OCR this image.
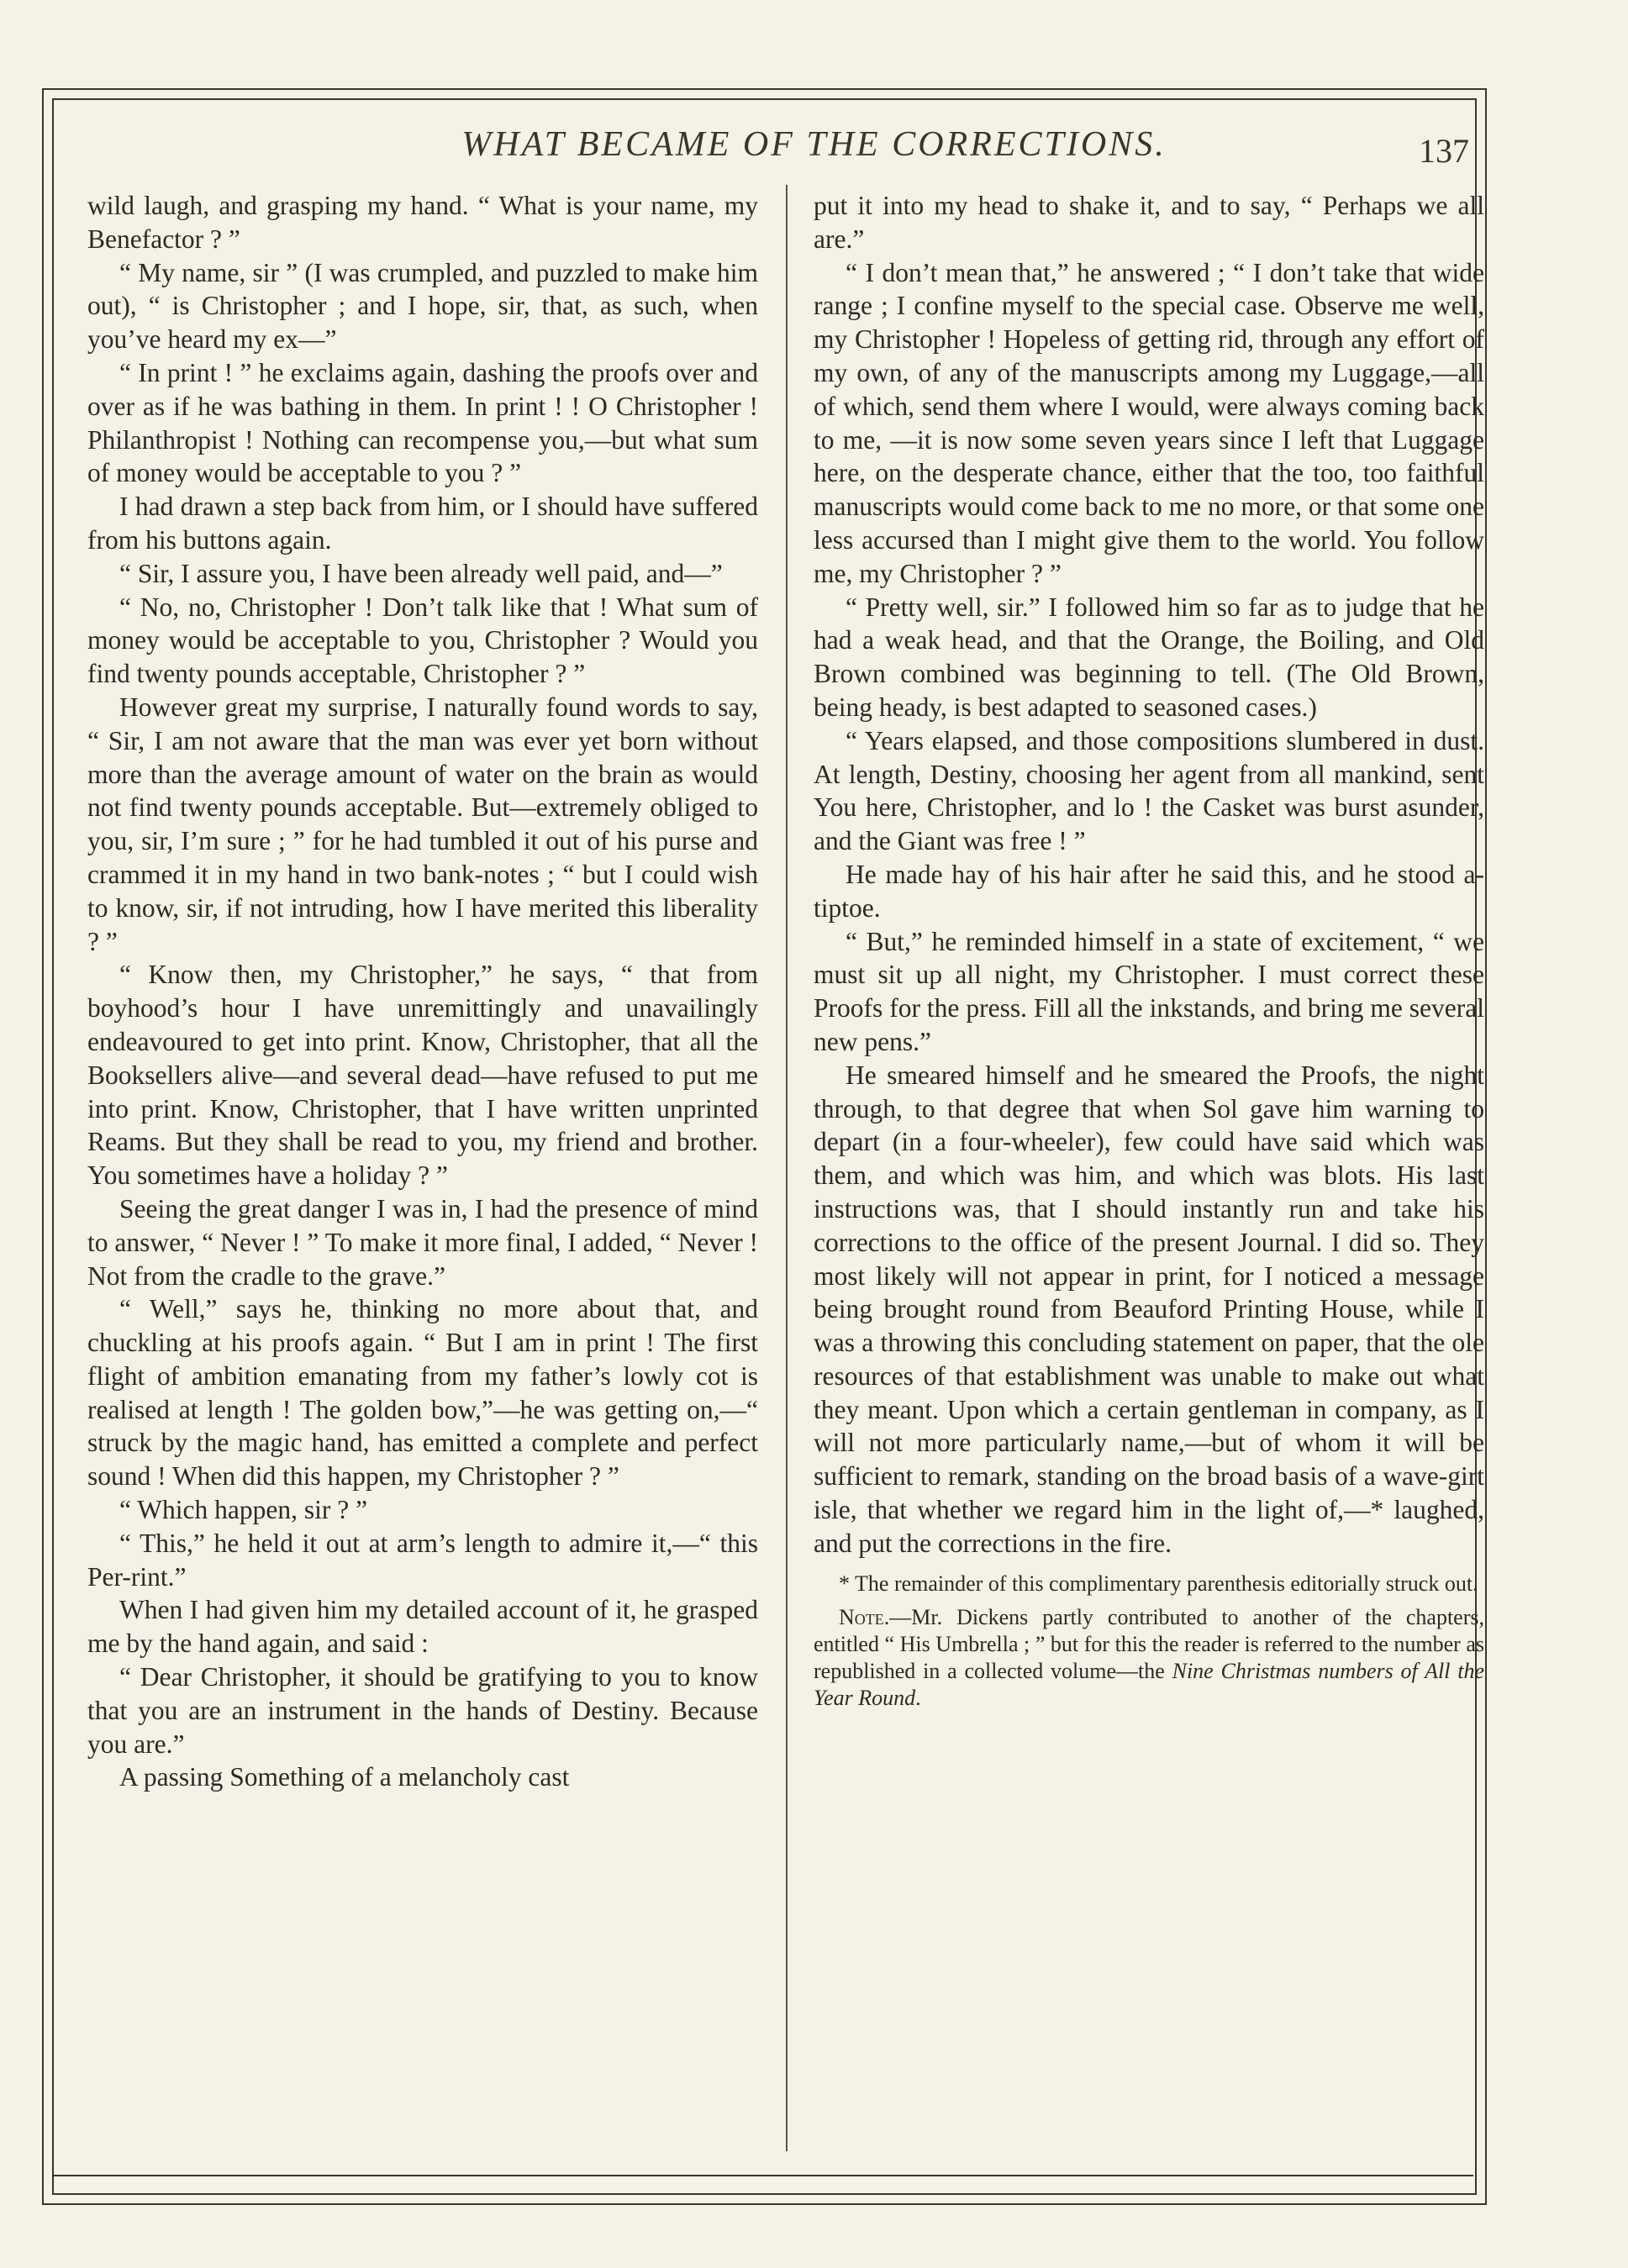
WHAT BECAME OF THE CORRECTIONS.	137

wild laugh, and grasping my hand. “ What is your name, my Benefactor ? ”

“ My name, sir ” (I was crumpled, and puzzled to make him out), “ is Christopher ; and I hope, sir, that, as such, when you’ve heard my ex—”

“ In print ! ” he exclaims again, dashing the proofs over and over as if he was bathing in them. In print ! ! O Christopher ! Philanthropist ! Nothing can recompense you,—but what sum of money would be acceptable to you ? ”

I had drawn a step back from him, or I should have suffered from his buttons again.

“ Sir, I assure you, I have been already well paid, and—”

“ No, no, Christopher ! Don’t talk like that ! What sum of money would be acceptable to you, Christopher ? Would you find twenty pounds acceptable, Christopher ? ”

However great my surprise, I naturally found words to say, “ Sir, I am not aware that the man was ever yet born without more than the average amount of water on the brain as would not find twenty pounds acceptable. But—extremely obliged to you, sir, I’m sure ; ” for he had tumbled it out of his purse and crammed it in my hand in two bank-notes ; “ but I could wish to know, sir, if not intruding, how I have merited this liberality ? ”

“ Know then, my Christopher,” he says, “ that from boyhood’s hour I have unremittingly and unavailingly endeavoured to get into print. Know, Christopher, that all the Booksellers alive—and several dead—have refused to put me into print. Know, Christopher, that I have written unprinted Reams. But they shall be read to you, my friend and brother. You sometimes have a holiday ? ”

Seeing the great danger I was in, I had the presence of mind to answer, “ Never ! ” To make it more final, I added, “ Never ! Not from the cradle to the grave.”

“ Well,” says he, thinking no more about that, and chuckling at his proofs again. “ But I am in print ! The first flight of ambition emanating from my father’s lowly cot is realised at length ! The golden bow,”—he was getting on,—“ struck by the magic hand, has emitted a complete and perfect sound ! When did this happen, my Christopher ? ”

“ Which happen, sir ? ”

“ This,” he held it out at arm’s length to admire it,—“ this Per-rint.”

When I had given him my detailed account of it, he grasped me by the hand again, and said :

“ Dear Christopher, it should be gratifying to you to know that you are an instrument in the hands of Destiny. Because you are.”

A passing Something of a melancholy cast

put it into my head to shake it, and to say, “ Perhaps we all are.”

“ I don’t mean that,” he answered ; “ I don’t take that wide range ; I confine myself to the special case. Observe me well, my Christopher ! Hopeless of getting rid, through any effort of my own, of any of the manuscripts among my Luggage,—all of which, send them where I would, were always coming back to me, —it is now some seven years since I left that Luggage here, on the desperate chance, either that the too, too faithful manuscripts would come back to me no more, or that some one less accursed than I might give them to the world. You follow me, my Christopher ? ”

“ Pretty well, sir.” I followed him so far as to judge that he had a weak head, and that the Orange, the Boiling, and Old Brown combined was beginning to tell. (The Old Brown, being heady, is best adapted to seasoned cases.)

“ Years elapsed, and those compositions slumbered in dust. At length, Destiny, choosing her agent from all mankind, sent You here, Christopher, and lo ! the Casket was burst asunder, and the Giant was free ! ”

He made hay of his hair after he said this, and he stood a-tiptoe.

“ But,” he reminded himself in a state of excitement, “ we must sit up all night, my Christopher. I must correct these Proofs for the press. Fill all the inkstands, and bring me several new pens.”

He smeared himself and he smeared the Proofs, the night through, to that degree that when Sol gave him warning to depart (in a four-wheeler), few could have said which was them, and which was him, and which was blots. His last instructions was, that I should instantly run and take his corrections to the office of the present Journal. I did so. They most likely will not appear in print, for I noticed a message being brought round from Beauford Printing House, while I was a throwing this concluding statement on paper, that the ole resources of that establishment was unable to make out what they meant. Upon which a certain gentleman in company, as I will not more particularly name,—but of whom it will be sufficient to remark, standing on the broad basis of a wave-girt isle, that whether we regard him in the light of,—* laughed, and put the corrections in the fire.

* The remainder of this complimentary parenthesis editorially struck out.

Note.—Mr. Dickens partly contributed to another of the chapters, entitled “ His Umbrella ; ” but for this the reader is referred to the number as republished in a collected volume—the Nine Christmas numbers of All the Year Round.
